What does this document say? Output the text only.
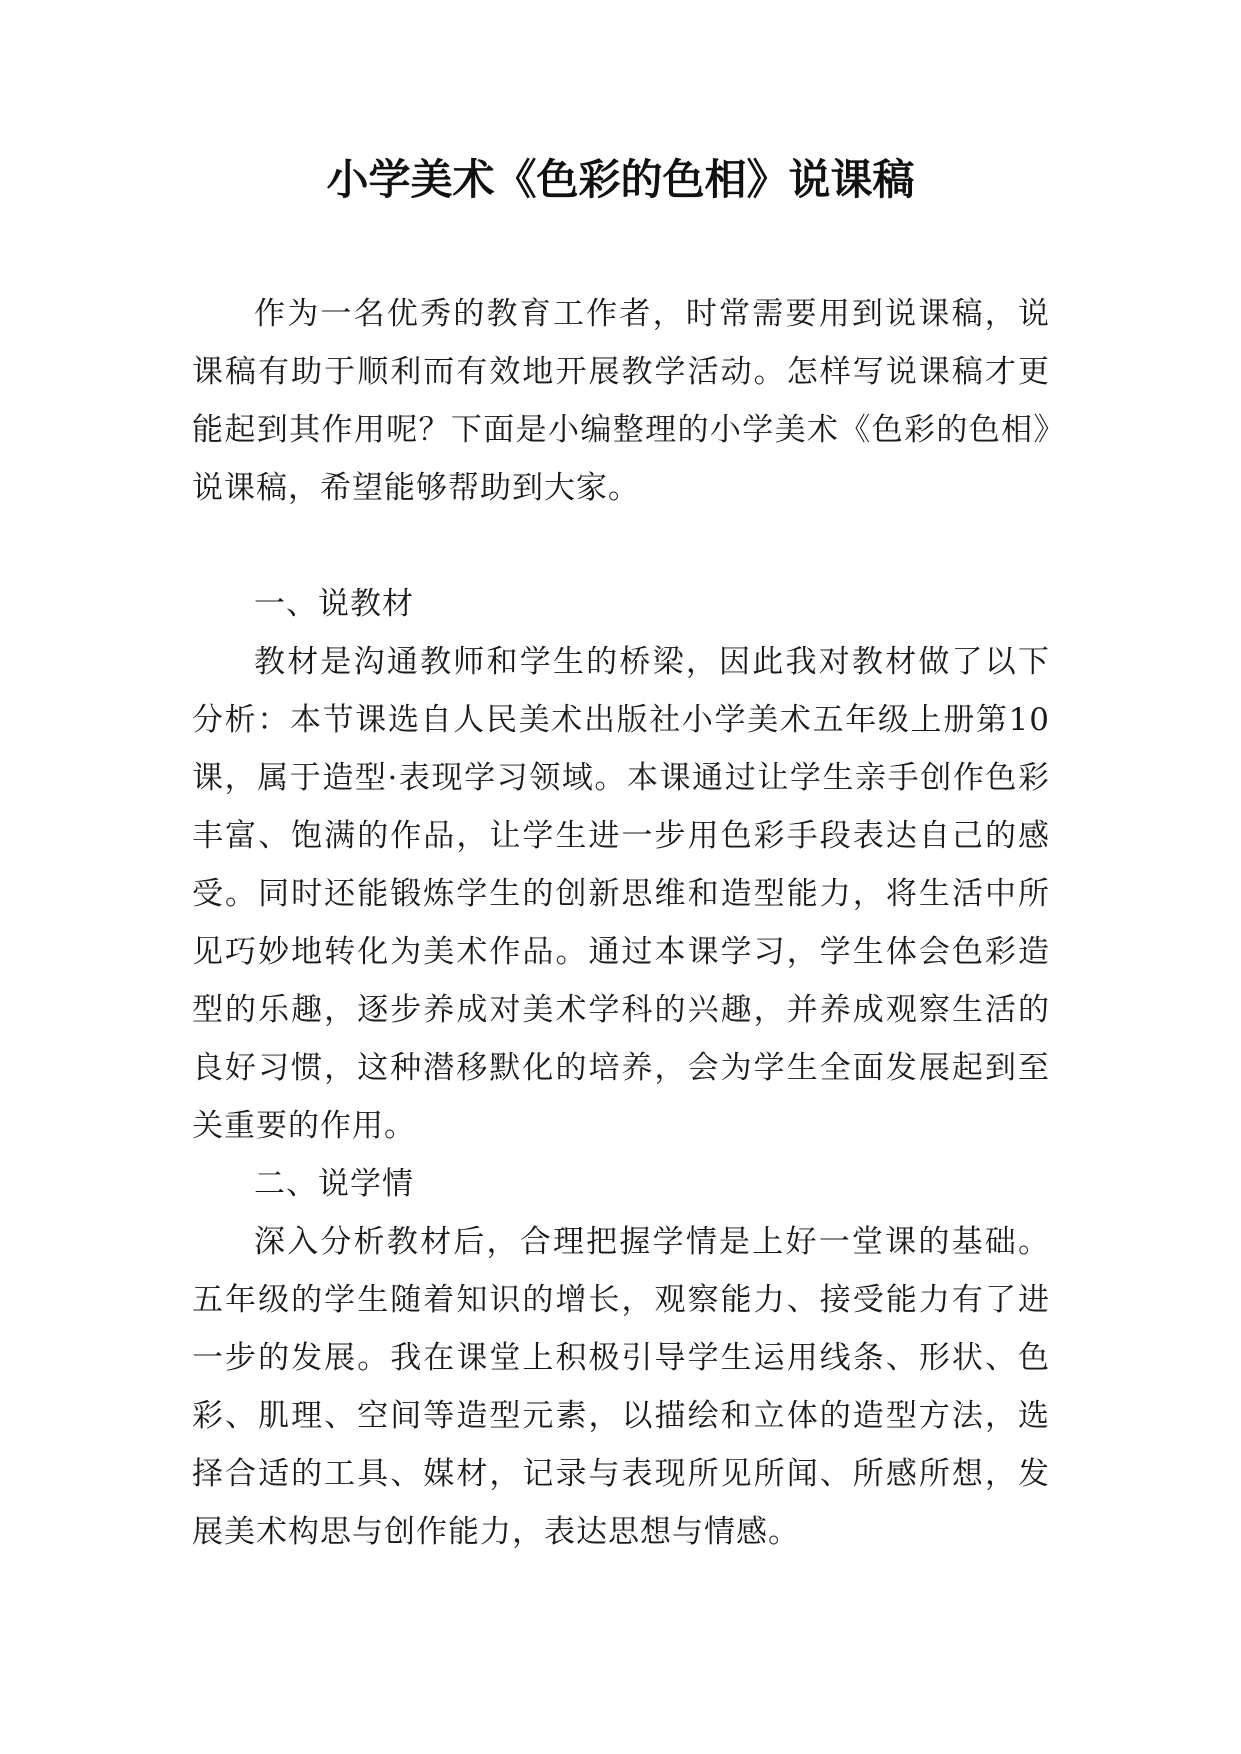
小学美术《色彩的色相》说课稿

作为一名优秀的教育工作者，时常需要用到说课稿，说课稿有助于顺利而有效地开展教学活动。怎样写说课稿才更能起到其作用呢？下面是小编整理的小学美术《色彩的色相》说课稿，希望能够帮助到大家。

一、说教材

教材是沟通教师和学生的桥梁，因此我对教材做了以下分析：本节课选自人民美术出版社小学美术五年级上册第10课，属于造型·表现学习领域。本课通过让学生亲手创作色彩丰富、饱满的作品，让学生进一步用色彩手段表达自己的感受。同时还能锻炼学生的创新思维和造型能力，将生活中所见巧妙地转化为美术作品。通过本课学习，学生体会色彩造型的乐趣，逐步养成对美术学科的兴趣，并养成观察生活的良好习惯，这种潜移默化的培养，会为学生全面发展起到至关重要的作用。

二、说学情

深入分析教材后，合理把握学情是上好一堂课的基础。五年级的学生随着知识的增长，观察能力、接受能力有了进一步的发展。我在课堂上积极引导学生运用线条、形状、色彩、肌理、空间等造型元素，以描绘和立体的造型方法，选择合适的工具、媒材，记录与表现所见所闻、所感所想，发展美术构思与创作能力，表达思想与情感。
